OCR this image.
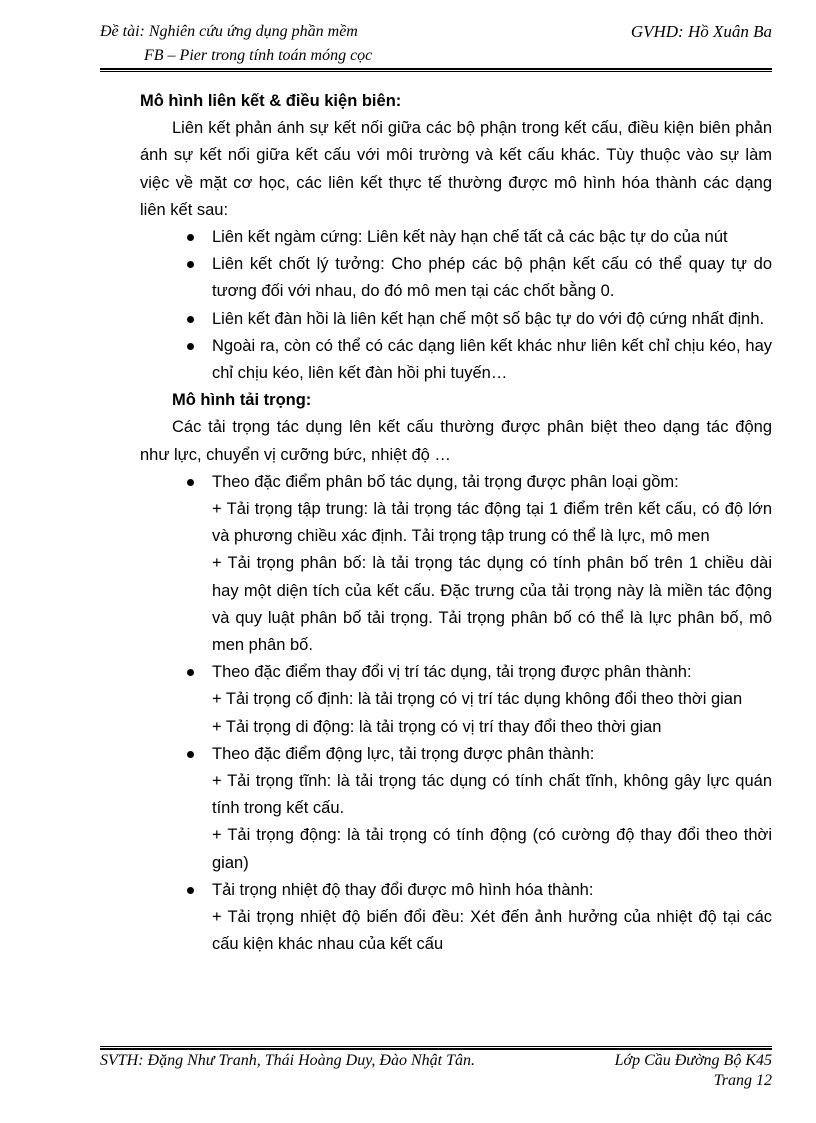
Đề tài: Nghiên cứu ứng dụng phần mềm
FB – Pier trong tính toán móng cọc
GVHD: Hồ Xuân Ba

Mô hình liên kết & điều kiện biên:

Liên kết phản ánh sự kết nối giữa các bộ phận trong kết cấu, điều kiện biên phản ánh sự kết nối giữa kết cấu với môi trường và kết cấu khác. Tùy thuộc vào sự làm việc về mặt cơ học, các liên kết thực tế thường được mô hình hóa thành các dạng liên kết sau:

Liên kết ngàm cứng: Liên kết này hạn chế tất cả các bậc tự do của nút
Liên kết chốt lý tưởng: Cho phép các bộ phận kết cấu có thể quay tự do tương đối với nhau, do đó mô men tại các chốt bằng 0.
Liên kết đàn hồi là liên kết hạn chế một số bậc tự do với độ cứng nhất định.
Ngoài ra, còn có thể có các dạng liên kết khác như liên kết chỉ chịu kéo, hay chỉ chịu kéo, liên kết đàn hồi phi tuyến…

Mô hình tải trọng:

Các tải trọng tác dụng lên kết cấu thường được phân biệt theo dạng tác động như lực, chuyển vị cưỡng bức, nhiệt độ …

Theo đặc điểm phân bố tác dụng, tải trọng được phân loại gồm:

+ Tải trọng tập trung: là tải trọng tác động tại 1 điểm trên kết cấu, có độ lớn và phương chiều xác định. Tải trọng tập trung có thể là lực, mô men

+ Tải trọng phân bố: là tải trọng tác dụng có tính phân bố trên 1 chiều dài hay một diện tích của kết cấu. Đặc trưng của tải trọng này là miền tác động và quy luật phân bố tải trọng. Tải trọng phân bố có thể là lực phân bố, mô men phân bố.

Theo đặc điểm thay đổi vị trí tác dụng, tải trọng được phân thành:

+ Tải trọng cố định: là tải trọng có vị trí tác dụng không đổi theo thời gian

+ Tải trọng di động: là tải trọng có vị trí thay đổi theo thời gian

Theo đặc điểm động lực, tải trọng được phân thành:

+ Tải trọng tĩnh: là tải trọng tác dụng có tính chất tĩnh, không gây lực quán tính trong kết cấu.

+ Tải trọng động: là tải trọng có tính động (có cường độ thay đổi theo thời gian)

Tải trọng nhiệt độ thay đổi được mô hình hóa thành:

+ Tải trọng nhiệt độ biến đổi đều: Xét đến ảnh hưởng của nhiệt độ tại các cấu kiện khác nhau của kết cấu

SVTH: Đặng Như Tranh, Thái Hoàng Duy, Đào Nhật Tân.	Lớp Cầu Đường Bộ K45
Trang 12
